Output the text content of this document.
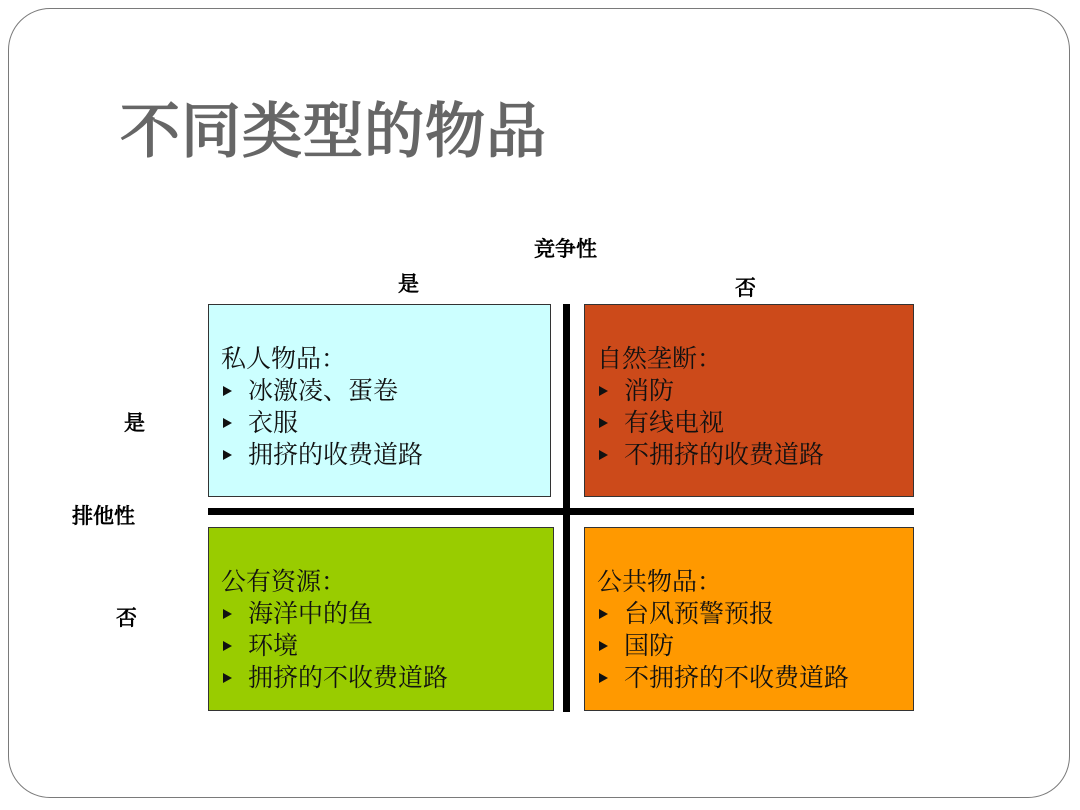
不同类型的物品
竞争性
是	否
排他性
是
否
私人物品：
冰激凌、蛋卷
衣服
拥挤的收费道路
自然垄断：
消防
有线电视
不拥挤的收费道路
公有资源：
海洋中的鱼
环境
拥挤的不收费道路
公共物品：
台风预警预报
国防
不拥挤的不收费道路
